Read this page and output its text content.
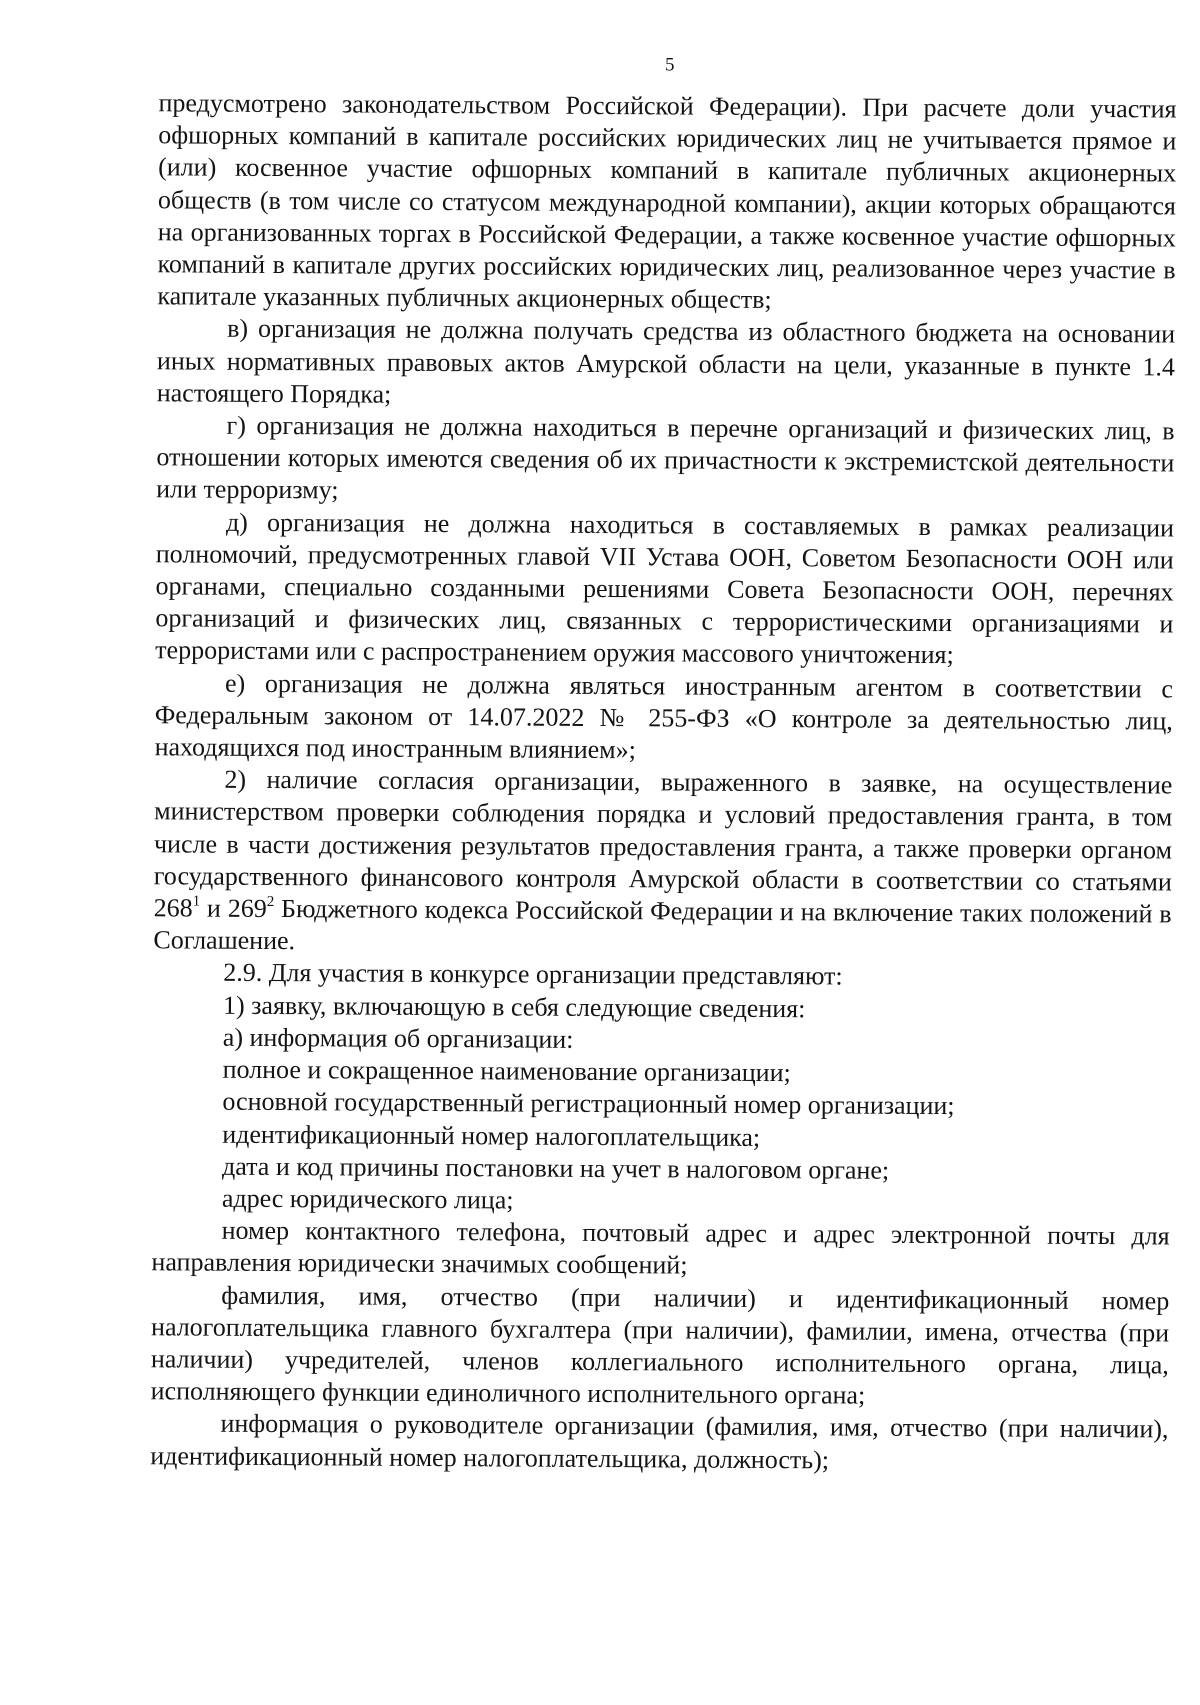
5

предусмотрено законодательством Российской Федерации). При расчете доли участия офшорных компаний в капитале российских юридических лиц не учитывается прямое и (или) косвенное участие офшорных компаний в капитале публичных акционерных обществ (в том числе со статусом международной компании), акции которых обращаются на организованных торгах в Российской Федерации, а также косвенное участие офшорных компаний в капитале других российских юридических лиц, реализованное через участие в капитале указанных публичных акционерных обществ;

в) организация не должна получать средства из областного бюджета на основании иных нормативных правовых актов Амурской области на цели, указанные в пункте 1.4 настоящего Порядка;

г) организация не должна находиться в перечне организаций и физических лиц, в отношении которых имеются сведения об их причастности к экстремистской деятельности или терроризму;

д) организация не должна находиться в составляемых в рамках реализации полномочий, предусмотренных главой VII Устава ООН, Советом Безопасности ООН или органами, специально созданными решениями Совета Безопасности ООН, перечнях организаций и физических лиц, связанных с террористическими организациями и террористами или с распространением оружия массового уничтожения;

е) организация не должна являться иностранным агентом в соответствии с Федеральным законом от 14.07.2022 № 255-ФЗ «О контроле за деятельностью лиц, находящихся под иностранным влиянием»;

2) наличие согласия организации, выраженного в заявке, на осуществление министерством проверки соблюдения порядка и условий предоставления гранта, в том числе в части достижения результатов предоставления гранта, а также проверки органом государственного финансового контроля Амурской области в соответствии со статьями $268^1$ и $269^2$ Бюджетного кодекса Российской Федерации и на включение таких положений в Соглашение.

2.9. Для участия в конкурсе организации представляют:

1) заявку, включающую в себя следующие сведения:

а) информация об организации:

полное и сокращенное наименование организации;

основной государственный регистрационный номер организации;

идентификационный номер налогоплательщика;

дата и код причины постановки на учет в налоговом органе;

адрес юридического лица;

номер контактного телефона, почтовый адрес и адрес электронной почты для направления юридически значимых сообщений;

фамилия, имя, отчество (при наличии) и идентификационный номер налогоплательщика главного бухгалтера (при наличии), фамилии, имена, отчества (при наличии) учредителей, членов коллегиального исполнительного органа, лица, исполняющего функции единоличного исполнительного органа;

информация о руководителе организации (фамилия, имя, отчество (при наличии), идентификационный номер налогоплательщика, должность);
